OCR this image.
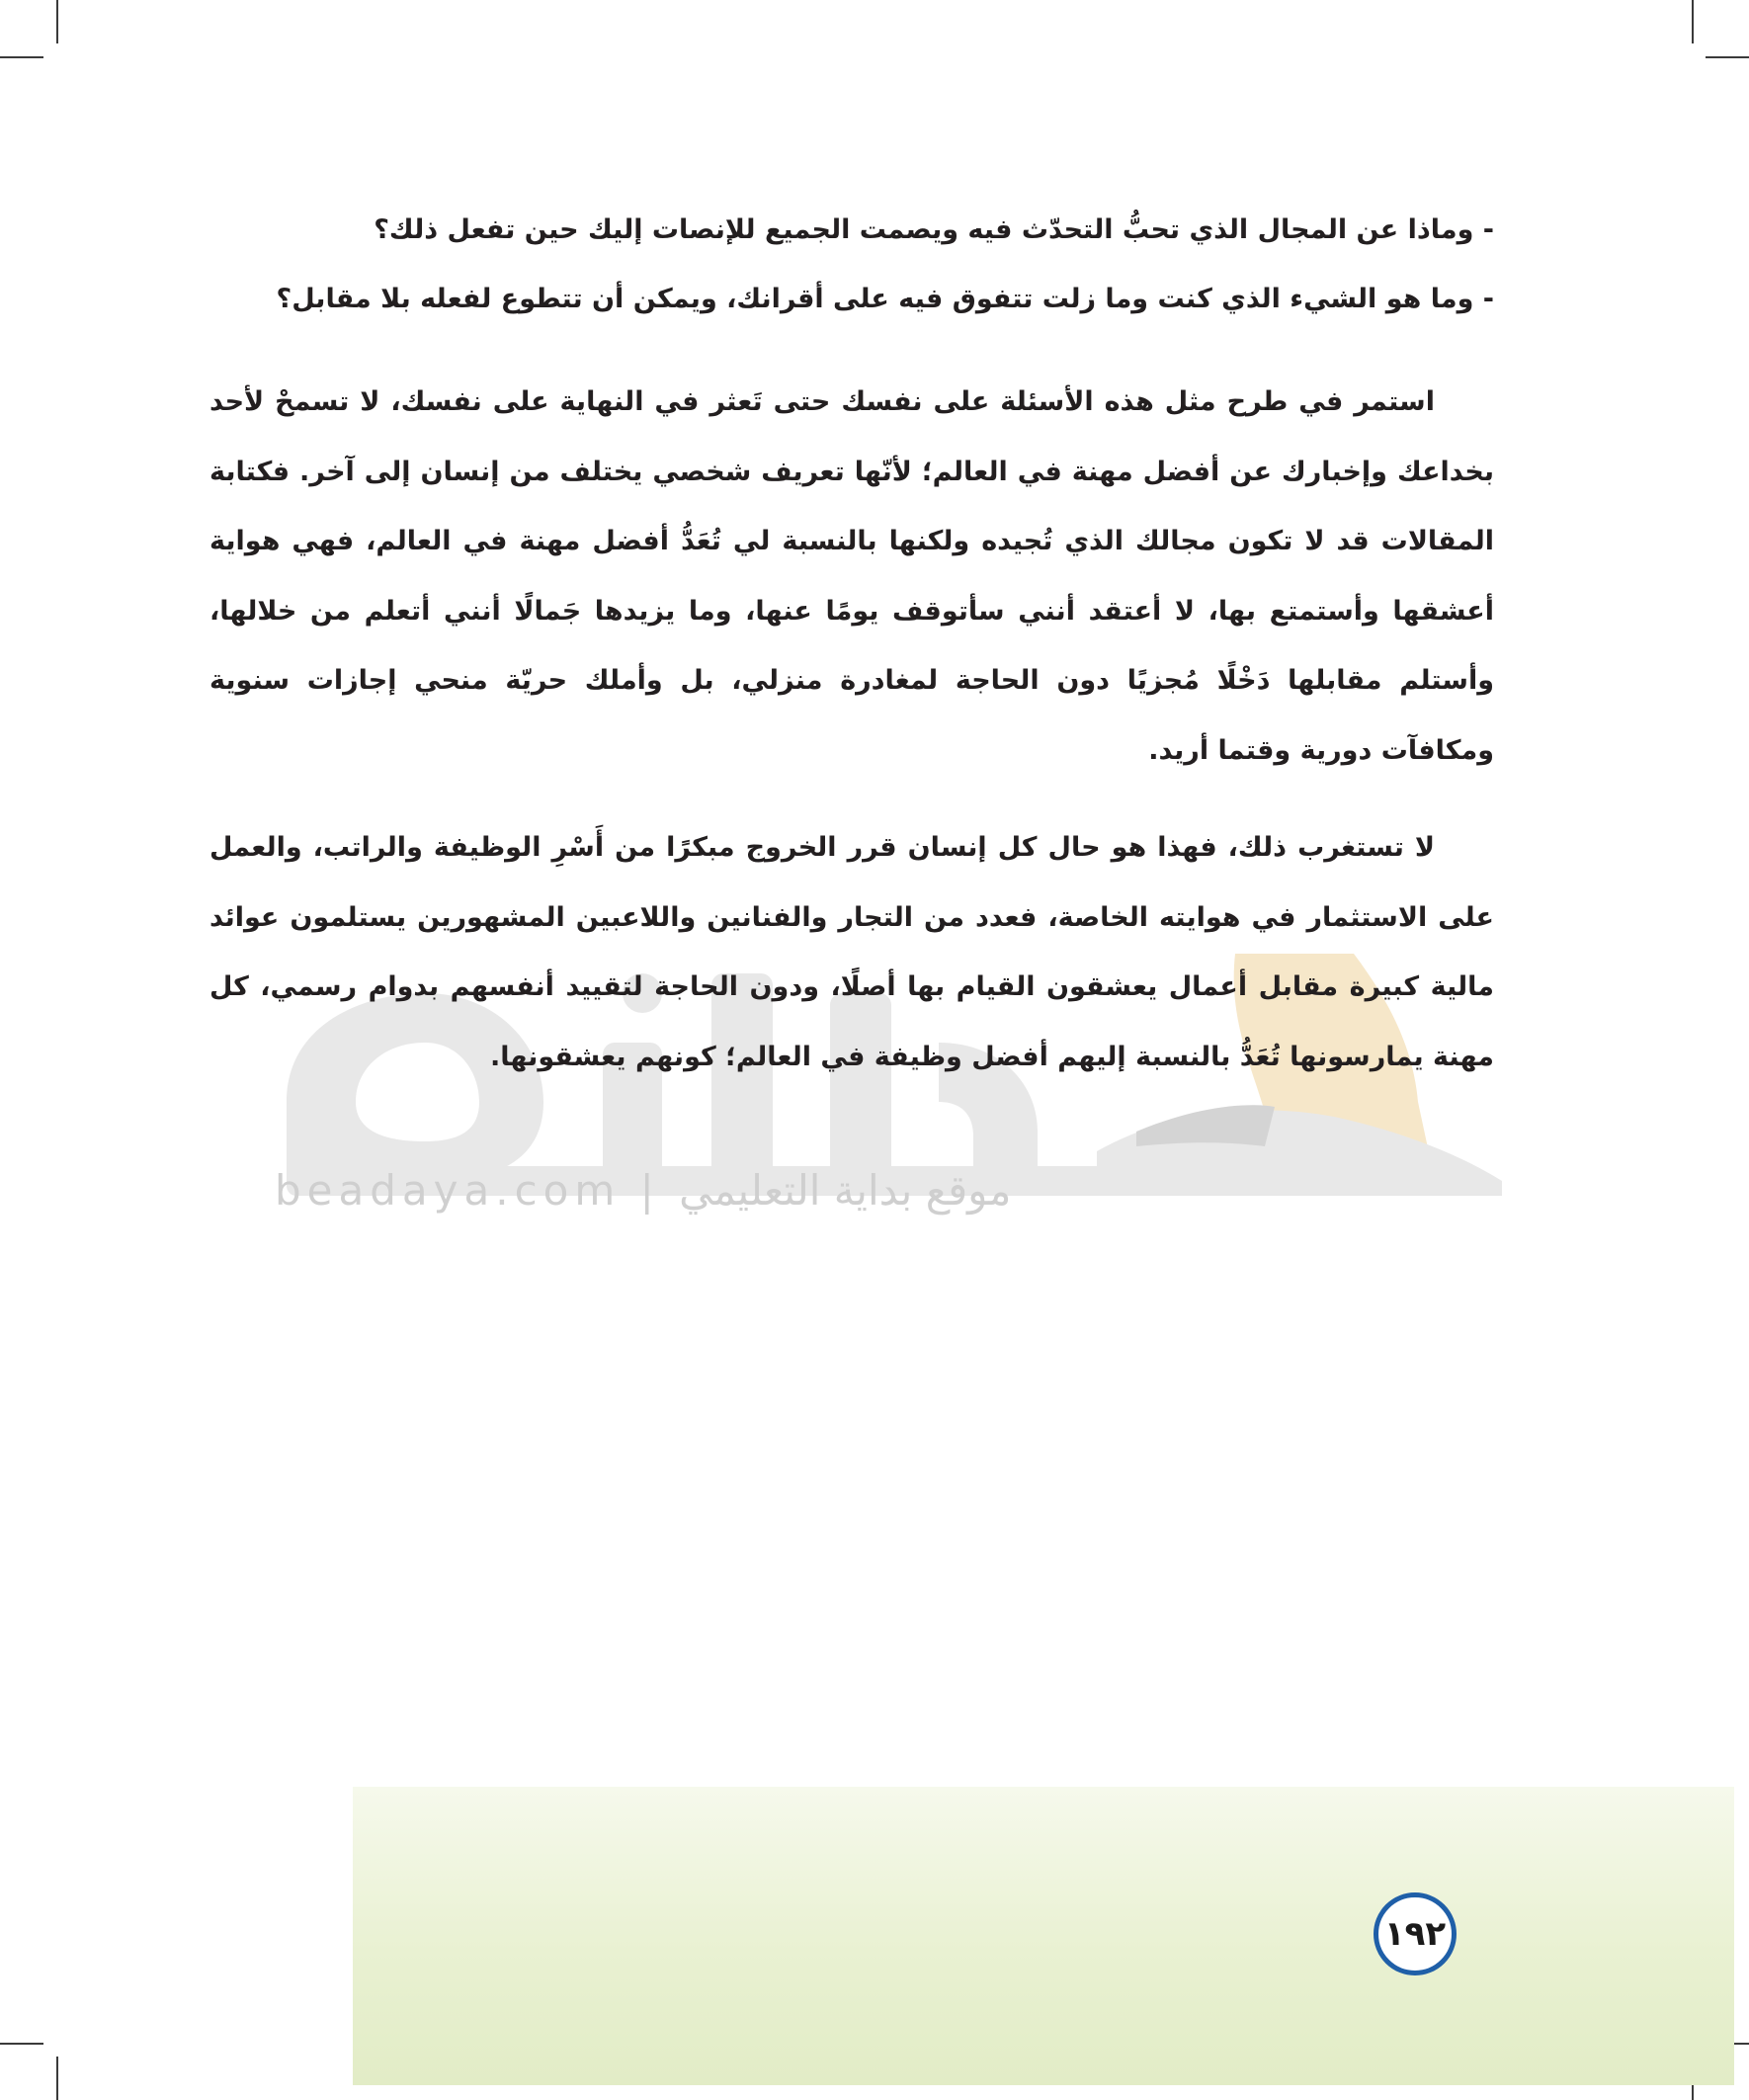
beadaya.com | موقع بداية التعليمي

- وماذا عن المجال الذي تحبُّ التحدّث فيه ويصمت الجميع للإنصات إليك حين تفعل ذلك؟

- وما هو الشيء الذي كنت وما زلت تتفوق فيه على أقرانك، ويمكن أن تتطوع لفعله بلا مقابل؟

استمر في طرح مثل هذه الأسئلة على نفسك حتى تَعثر في النهاية على نفسك، لا تسمحْ لأحد بخداعك وإخبارك عن أفضل مهنة في العالم؛ لأنّها تعريف شخصي يختلف من إنسان إلى آخر. فكتابة المقالات قد لا تكون مجالك الذي تُجيده ولكنها بالنسبة لي تُعَدُّ أفضل مهنة في العالم، فهي هواية أعشقها وأستمتع بها، لا أعتقد أنني سأتوقف يومًا عنها، وما يزيدها جَمالًا أنني أتعلم من خلالها، وأستلم مقابلها دَخْلًا مُجزيًا دون الحاجة لمغادرة منزلي، بل وأملك حريّة منحي إجازات سنوية ومكافآت دورية وقتما أريد.

لا تستغرب ذلك، فهذا هو حال كل إنسان قرر الخروج مبكرًا من أَسْرِ الوظيفة والراتب، والعمل على الاستثمار في هوايته الخاصة، فعدد من التجار والفنانين واللاعبين المشهورين يستلمون عوائد مالية كبيرة مقابل أعمال يعشقون القيام بها أصلًا، ودون الحاجة لتقييد أنفسهم بدوام رسمي، كل مهنة يمارسونها تُعَدُّ بالنسبة إليهم أفضل وظيفة في العالم؛ كونهم يعشقونها.

١٩٢
